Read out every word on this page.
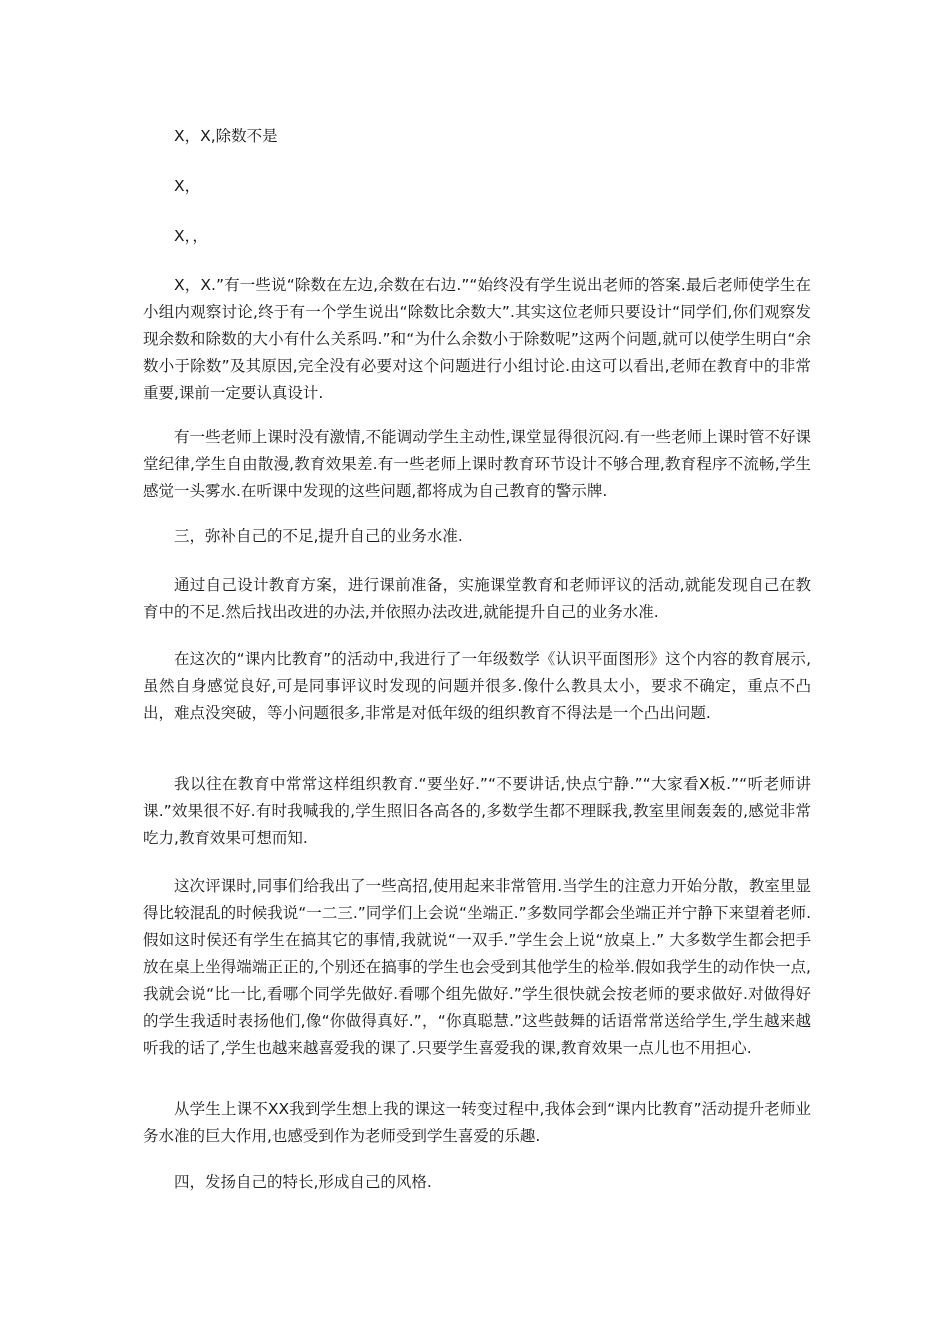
X，X,除数不是

X，

X，，

X，X.”有一些说“除数在左边,余数在右边.”“始终没有学生说出老师的答案.最后老师使学生在小组内观察讨论,终于有一个学生说出“除数比余数大”.其实这位老师只要设计“同学们,你们观察发现余数和除数的大小有什么关系吗.”和“为什么余数小于除数呢”这两个问题,就可以使学生明白“余数小于除数”及其原因,完全没有必要对这个问题进行小组讨论.由这可以看出,老师在教育中的非常重要,课前一定要认真设计.

有一些老师上课时没有激情,不能调动学生主动性,课堂显得很沉闷.有一些老师上课时管不好课堂纪律,学生自由散漫,教育效果差.有一些老师上课时教育环节设计不够合理,教育程序不流畅,学生感觉一头雾水.在听课中发现的这些问题,都将成为自己教育的警示牌.

三，弥补自己的不足,提升自己的业务水准.

通过自己设计教育方案，进行课前准备，实施课堂教育和老师评议的活动,就能发现自己在教育中的不足.然后找出改进的办法,并依照办法改进,就能提升自己的业务水准.

在这次的“课内比教育”的活动中,我进行了一年级数学《认识平面图形》这个内容的教育展示,虽然自身感觉良好,可是同事评议时发现的问题并很多.像什么教具太小，要求不确定，重点不凸出，难点没突破，等小问题很多,非常是对低年级的组织教育不得法是一个凸出问题.

我以往在教育中常常这样组织教育.“要坐好.”“不要讲话,快点宁静.”“大家看X板.”“听老师讲课.”效果很不好.有时我喊我的,学生照旧各高各的,多数学生都不理睬我,教室里闹轰轰的,感觉非常吃力,教育效果可想而知.

这次评课时,同事们给我出了一些高招,使用起来非常管用.当学生的注意力开始分散，教室里显得比较混乱的时候我说“一二三.”同学们上会说“坐端正.”多数同学都会坐端正并宁静下来望着老师.假如这时侯还有学生在搞其它的事情,我就说“一双手.”学生会上说“放桌上.” 大多数学生都会把手放在桌上坐得端端正正的,个别还在搞事的学生也会受到其他学生的检举.假如我学生的动作快一点,我就会说“比一比,看哪个同学先做好.看哪个组先做好.”学生很快就会按老师的要求做好.对做得好的学生我适时表扬他们,像“你做得真好.”，“你真聪慧.”这些鼓舞的话语常常送给学生,学生越来越听我的话了,学生也越来越喜爱我的课了.只要学生喜爱我的课,教育效果一点儿也不用担心.

从学生上课不XX我到学生想上我的课这一转变过程中,我体会到“课内比教育”活动提升老师业务水准的巨大作用,也感受到作为老师受到学生喜爱的乐趣.

四，发扬自己的特长,形成自己的风格.
